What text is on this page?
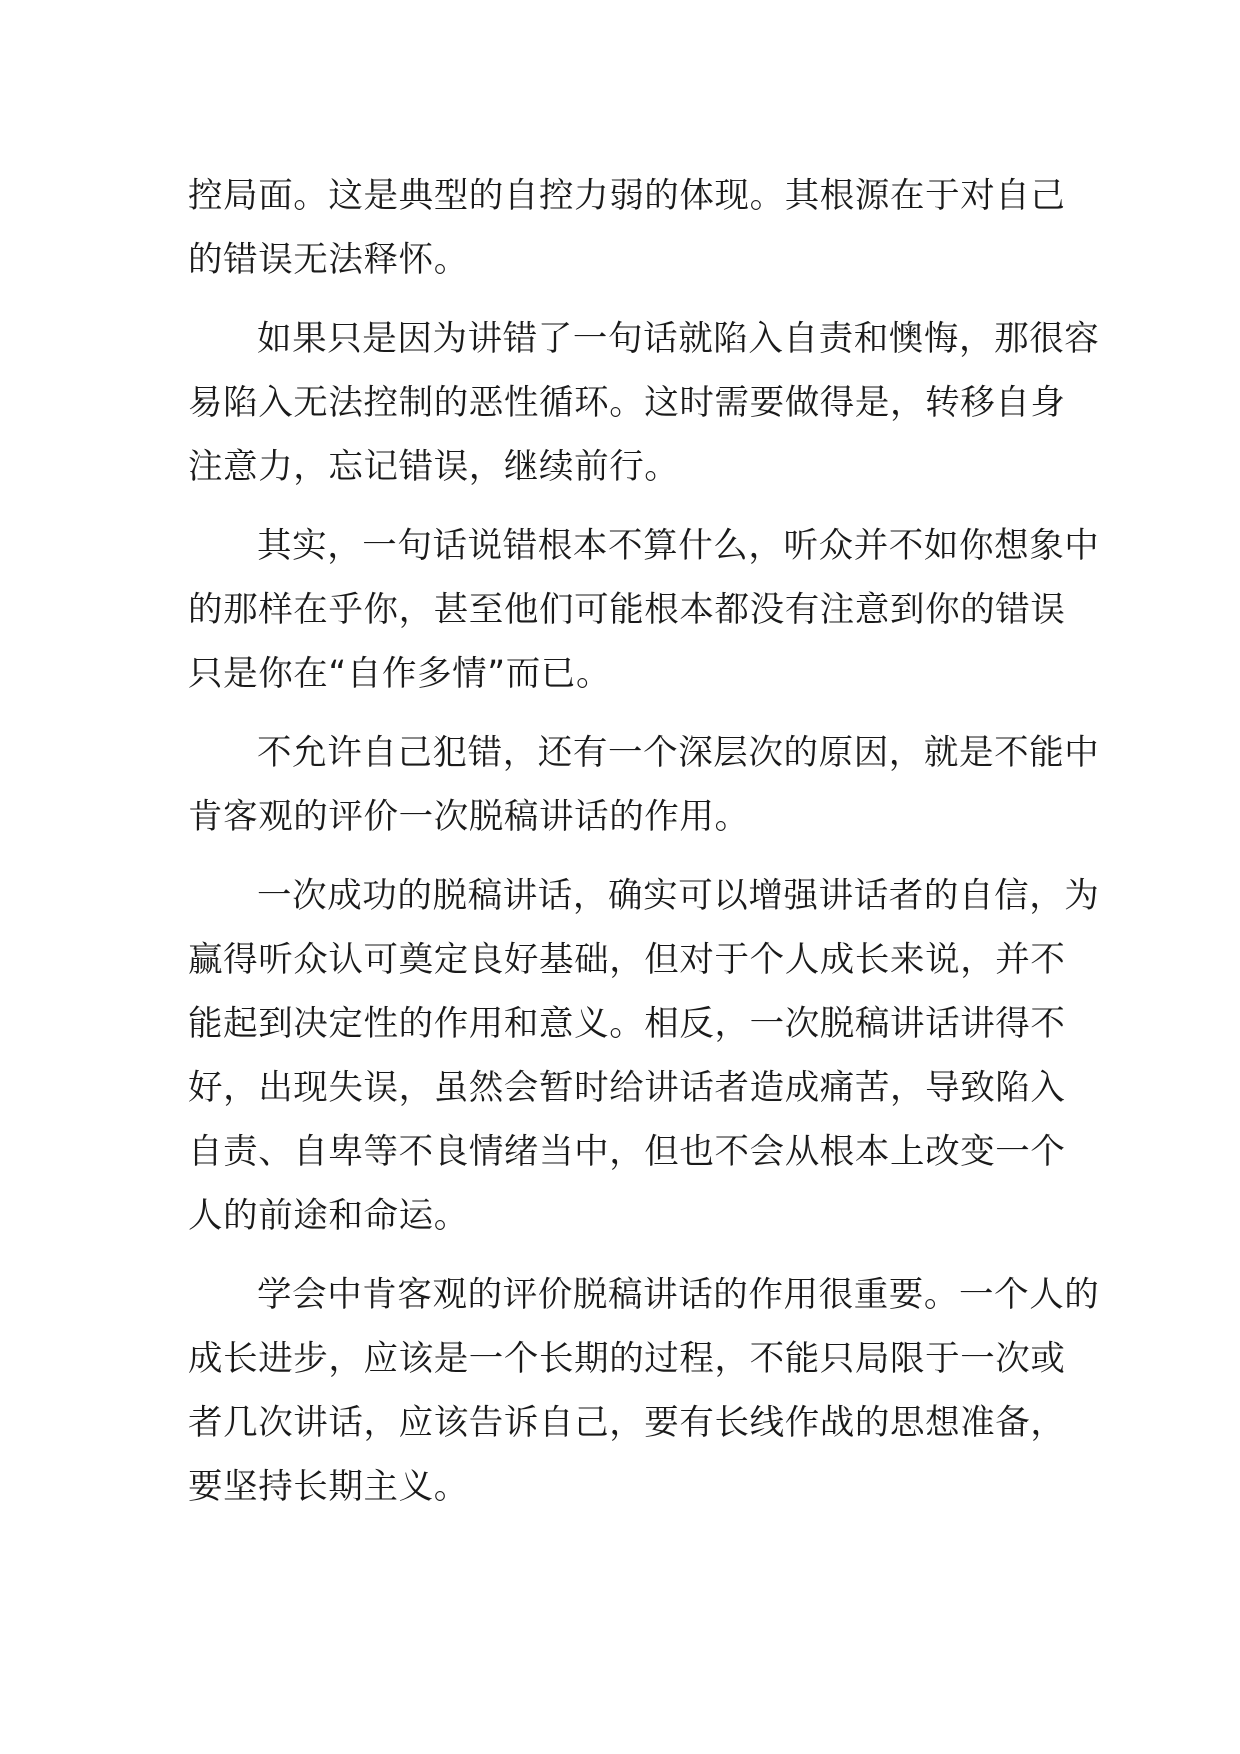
控局面。这是典型的自控力弱的体现。其根源在于对自己
的错误无法释怀。

如果只是因为讲错了一句话就陷入自责和懊悔，那很容
易陷入无法控制的恶性循环。这时需要做得是，转移自身
注意力，忘记错误，继续前行。

其实，一句话说错根本不算什么，听众并不如你想象中
的那样在乎你，甚至他们可能根本都没有注意到你的错误
只是你在“自作多情”而已。

不允许自己犯错，还有一个深层次的原因，就是不能中
肯客观的评价一次脱稿讲话的作用。

一次成功的脱稿讲话，确实可以增强讲话者的自信，为
赢得听众认可奠定良好基础，但对于个人成长来说，并不
能起到决定性的作用和意义。相反，一次脱稿讲话讲得不
好，出现失误，虽然会暂时给讲话者造成痛苦，导致陷入
自责、自卑等不良情绪当中，但也不会从根本上改变一个
人的前途和命运。

学会中肯客观的评价脱稿讲话的作用很重要。一个人的
成长进步，应该是一个长期的过程，不能只局限于一次或
者几次讲话，应该告诉自己，要有长线作战的思想准备，
要坚持长期主义。
